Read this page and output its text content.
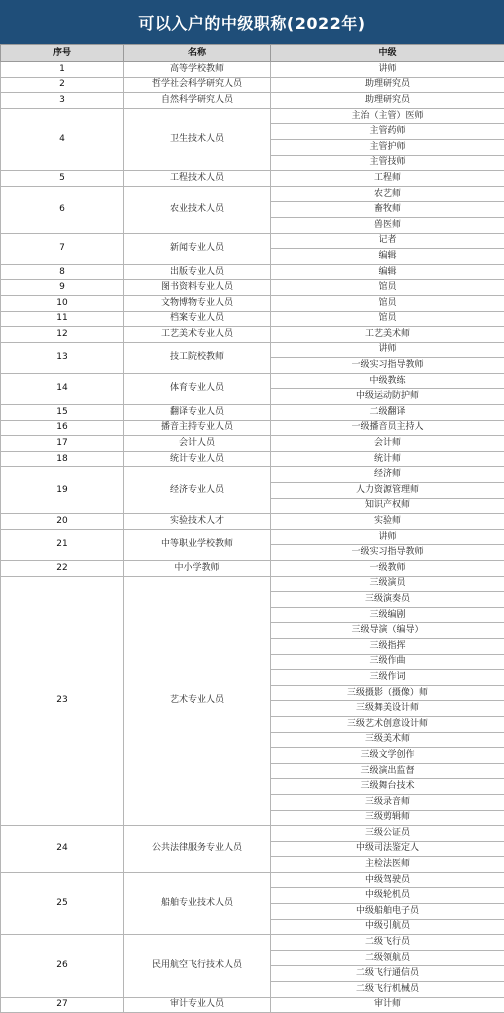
可以入户的中级职称(2022年)
序号	名称	中级
1	高等学校教师	讲师
2	哲学社会科学研究人员	助理研究员
3	自然科学研究人员	助理研究员
4	卫生技术人员	主治（主管）医师
		主管药师
		主管护师
		主管技师
5	工程技术人员	工程师
6	农业技术人员	农艺师
		畜牧师
		兽医师
7	新闻专业人员	记者
		编辑
8	出版专业人员	编辑
9	图书资料专业人员	馆员
10	文物博物专业人员	馆员
11	档案专业人员	馆员
12	工艺美术专业人员	工艺美术师
13	技工院校教师	讲师
		一级实习指导教师
14	体育专业人员	中级教练
		中级运动防护师
15	翻译专业人员	二级翻译
16	播音主持专业人员	一级播音员主持人
17	会计人员	会计师
18	统计专业人员	统计师
19	经济专业人员	经济师
		人力资源管理师
		知识产权师
20	实验技术人才	实验师
21	中等职业学校教师	讲师
		一级实习指导教师
22	中小学教师	一级教师
23	艺术专业人员	三级演员
		三级演奏员
		三级编剧
		三级导演（编导）
		三级指挥
		三级作曲
		三级作词
		三级摄影（摄像）师
		三级舞美设计师
		三级艺术创意设计师
		三级美术师
		三级文学创作
		三级演出监督
		三级舞台技术
		三级录音师
		三级剪辑师
24	公共法律服务专业人员	三级公证员
		中级司法鉴定人
		主检法医师
25	船舶专业技术人员	中级驾驶员
		中级轮机员
		中级船舶电子员
		中级引航员
26	民用航空飞行技术人员	二级飞行员
		二级领航员
		二级飞行通信员
		二级飞行机械员
27	审计专业人员	审计师
